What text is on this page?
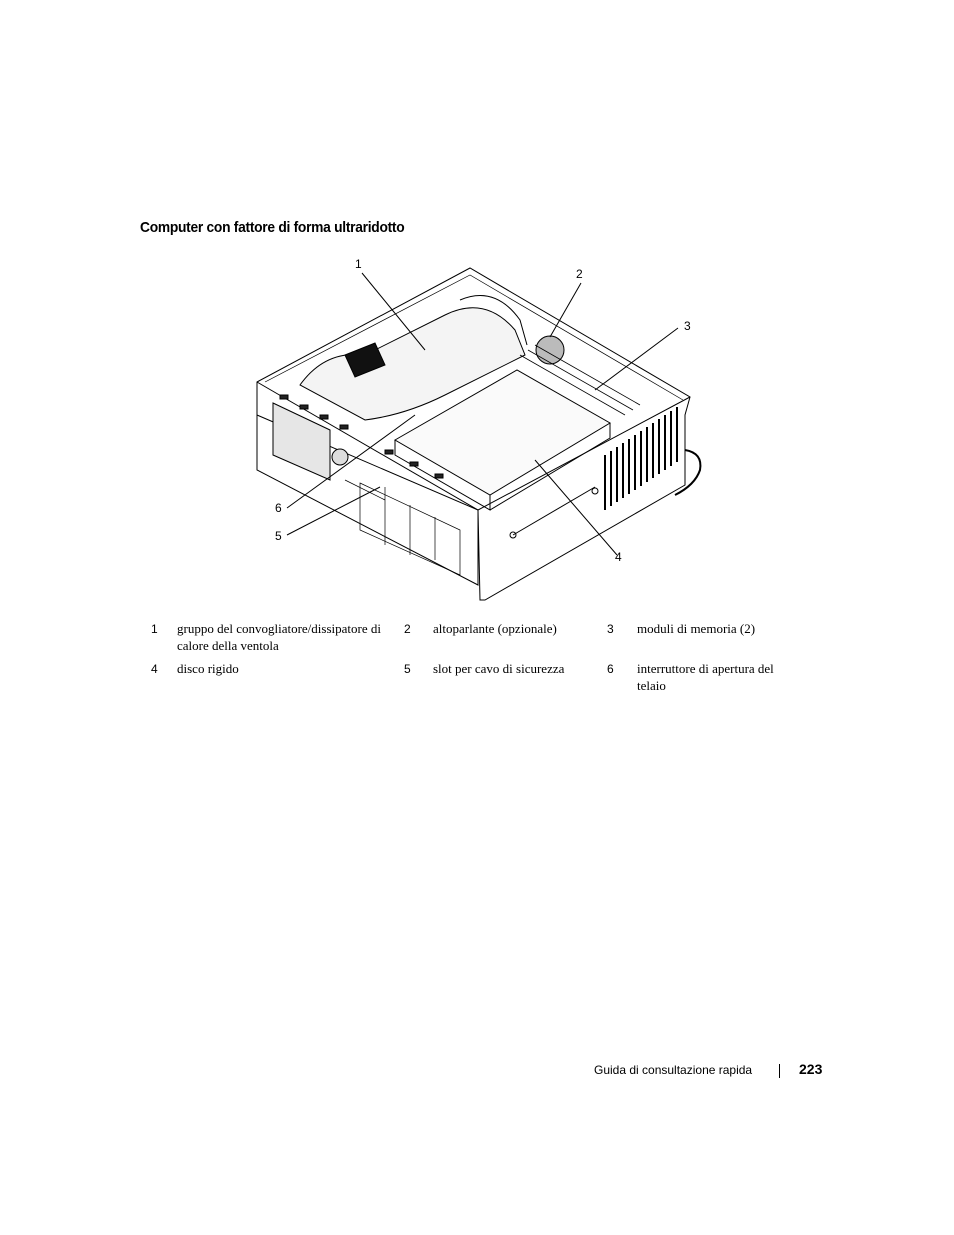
Computer con fattore di forma ultraridotto
1
2
3
4
5
6
1	gruppo del convogliatore/dissipatore di calore della ventola	2	altoparlante (opzionale)	3	moduli di memoria (2)
4	disco rigido	5	slot per cavo di sicurezza	6	interruttore di apertura del telaio
Guida di consultazione rapida	223
